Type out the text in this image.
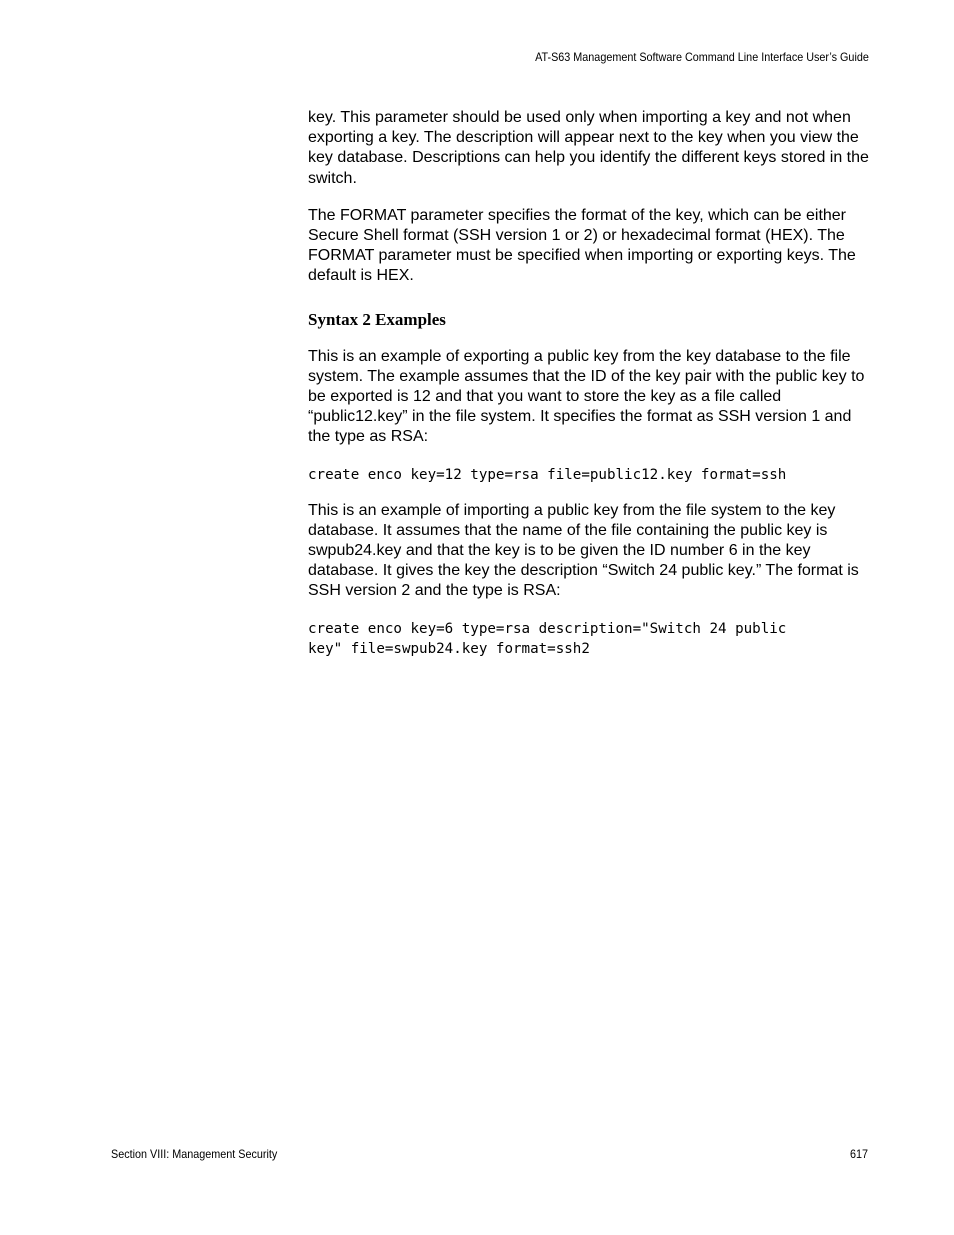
AT-S63 Management Software Command Line Interface User’s Guide

key. This parameter should be used only when importing a key and not when exporting a key. The description will appear next to the key when you view the key database. Descriptions can help you identify the different keys stored in the switch.

The FORMAT parameter specifies the format of the key, which can be either Secure Shell format (SSH version 1 or 2) or hexadecimal format (HEX). The FORMAT parameter must be specified when importing or exporting keys. The default is HEX.

Syntax 2 Examples

This is an example of exporting a public key from the key database to the file system. The example assumes that the ID of the key pair with the public key to be exported is 12 and that you want to store the key as a file called “public12.key” in the file system. It specifies the format as SSH version 1 and the type as RSA:

create enco key=12 type=rsa file=public12.key format=ssh

This is an example of importing a public key from the file system to the key database. It assumes that the name of the file containing the public key is swpub24.key and that the key is to be given the ID number 6 in the key database. It gives the key the description “Switch 24 public key.” The format is SSH version 2 and the type is RSA:

create enco key=6 type=rsa description="Switch 24 public
key" file=swpub24.key format=ssh2
Section VIII: Management Security	617
